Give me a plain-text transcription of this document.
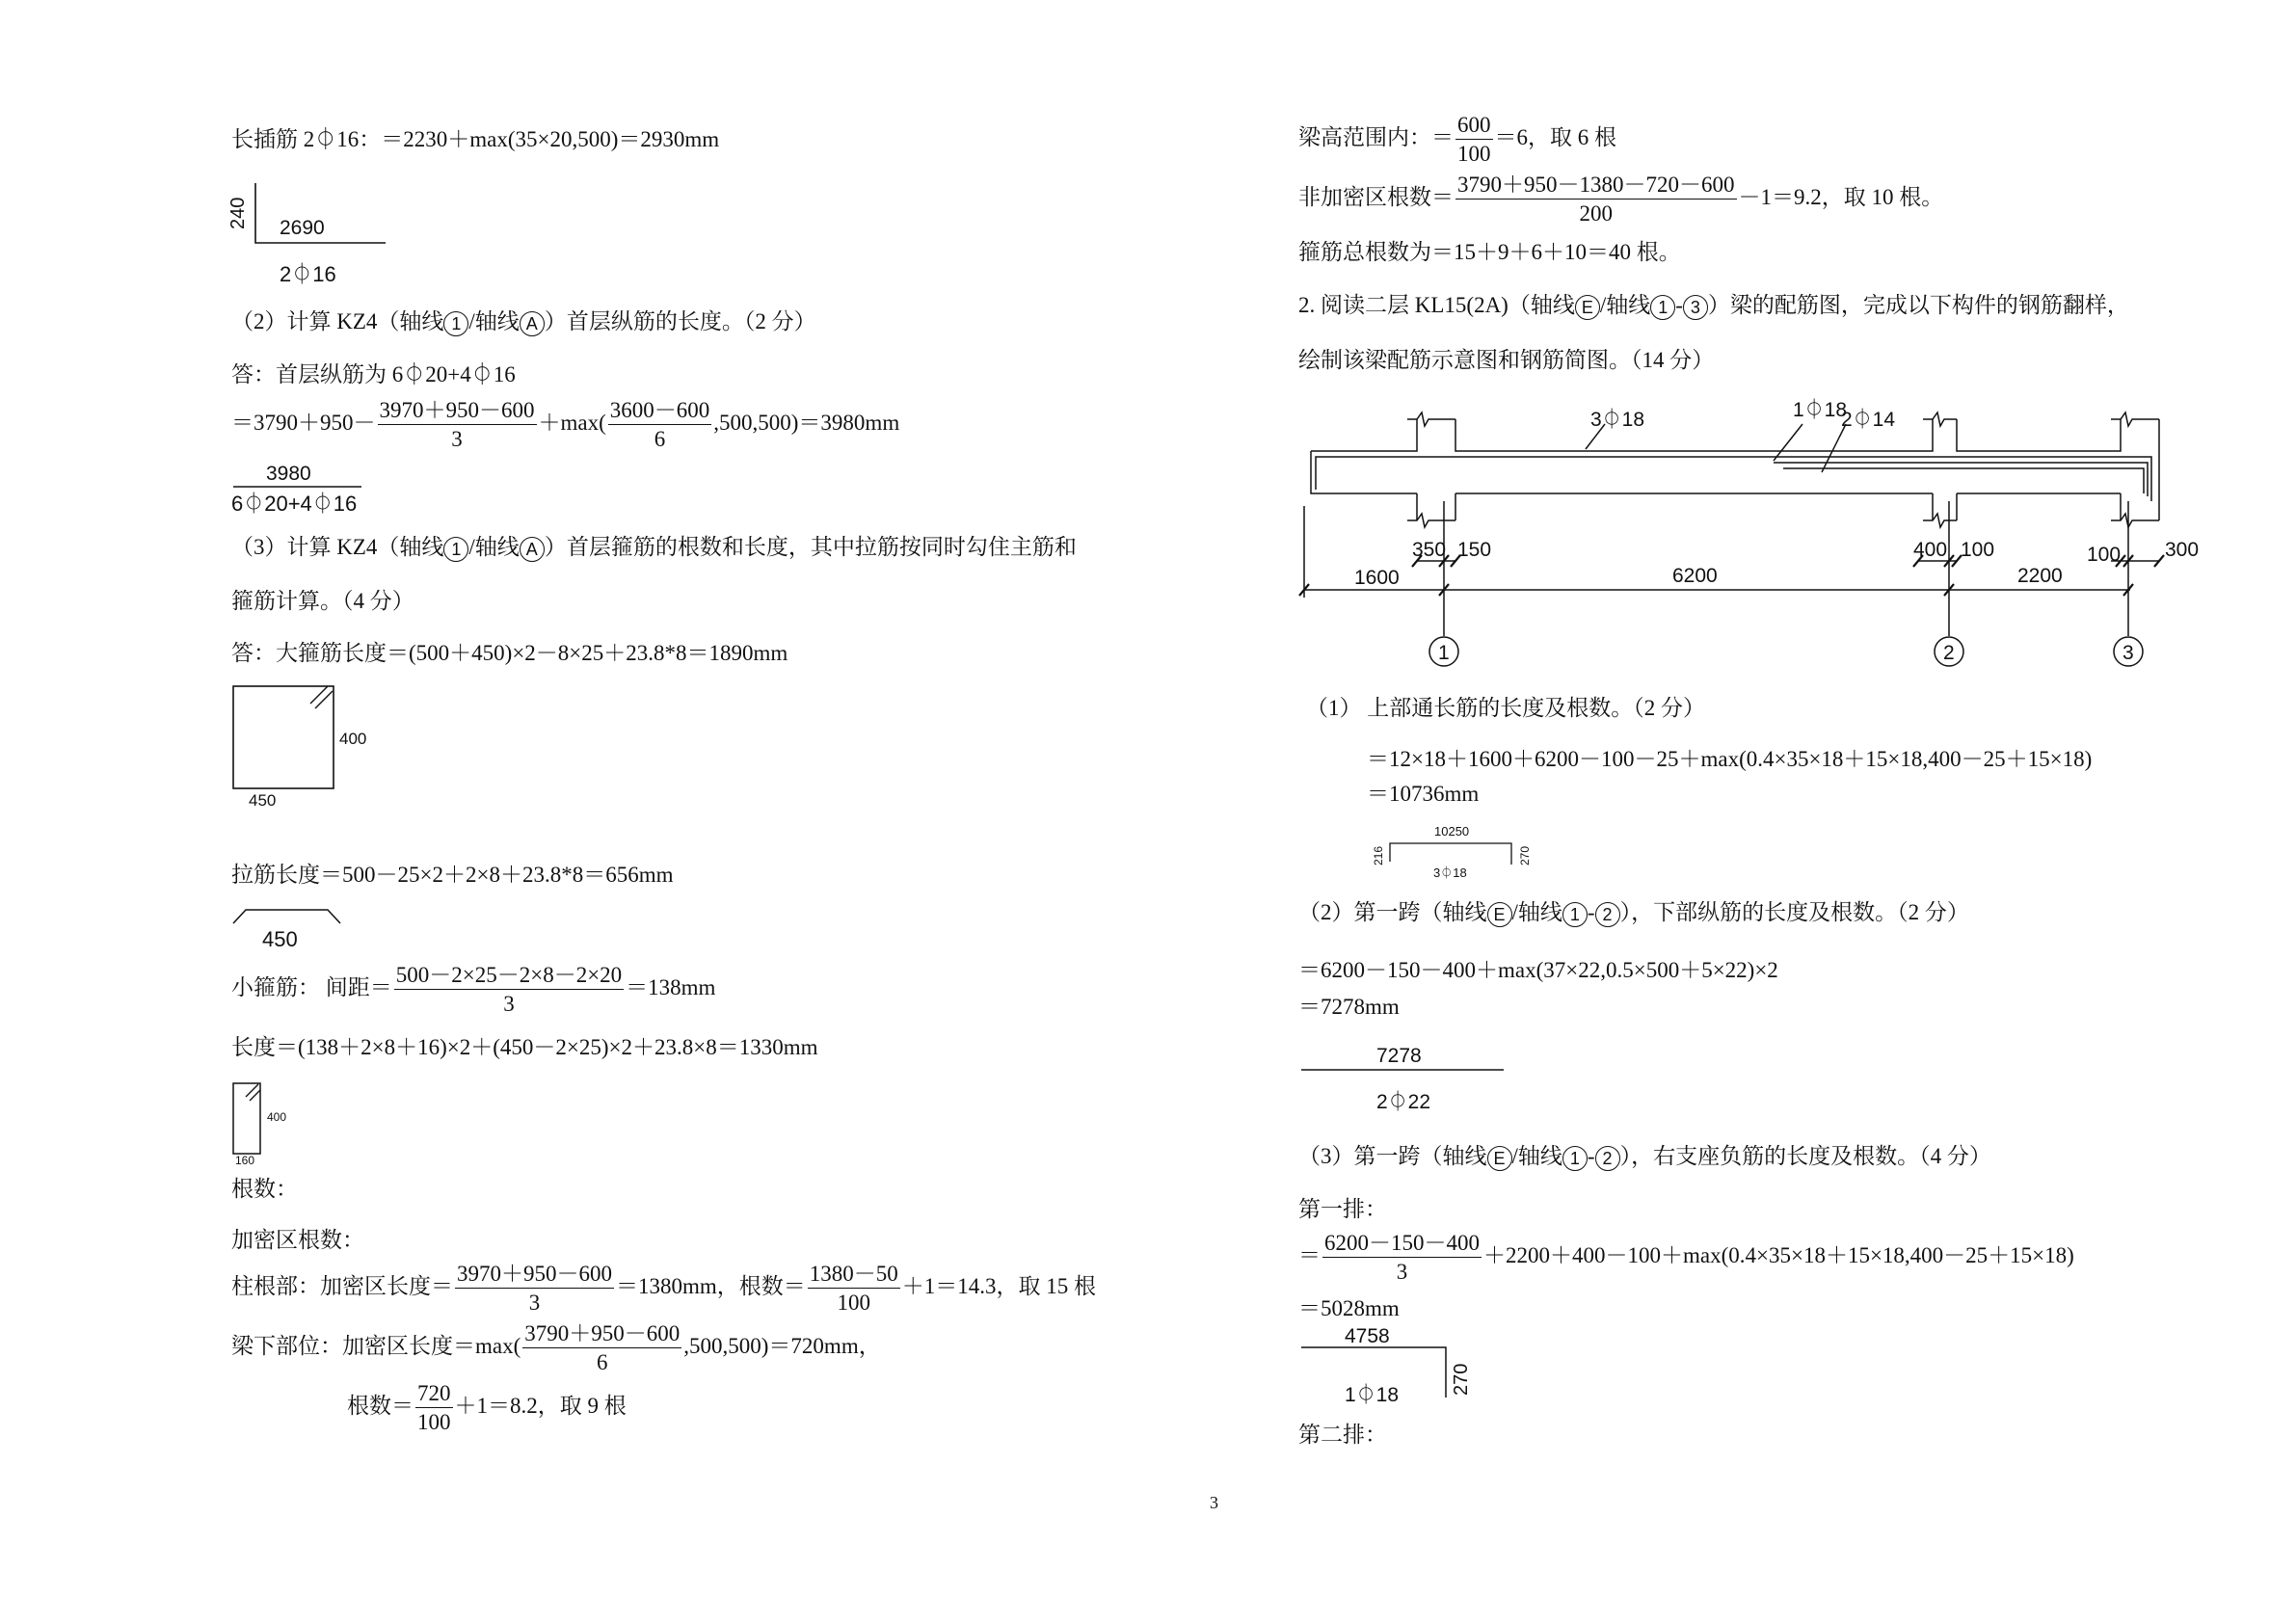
长插筋 2⏀16：＝2230＋max(35×20,500)＝2930mm
240 2690
2⏀16
（2）计算 KZ4（轴线 1 /轴线 A ）首层纵筋的长度。（2 分）
答：首层纵筋为 6⏀20+4⏀16
$=3790+950- \frac{3970+950-600}{3} +\max( \frac{3600-600}{6} ,500,500)=3980mm$
3980
6⏀20+4⏀16
（3）计算 KZ4（轴线 1 /轴线 A ）首层箍筋的根数和长度，其中拉筋按同时勾住主筋和
箍筋计算。（4 分）
答：大箍筋长度＝(500＋450)×2－8×25＋23.8*8＝1890mm
400
450
拉筋长度＝500－25×2＋2×8＋23.8*8＝656mm
450
小箍筋： 间距＝ $\frac{500-2\times 25-2\times 8-2\times 20}{3} =138mm$
长度＝(138＋2×8＋16)×2＋(450－2×25)×2＋23.8×8＝1330mm
400
160
根数：
加密区根数：
柱根部：加密区长度＝ $\frac{3970+950-600}{3} =1380mm$，根数＝ $\frac{1380-50}{100} +1=14.3$，取 15 根
梁下部位：加密区长度$=\max( \frac{3790+950-600}{6} ,500,500)=720mm$，
根数＝ $\frac{720}{100} +1=8.2$，取 9 根
梁高范围内：＝ $\frac{600}{100} =6$，取 6 根
非加密区根数＝ $\frac{3790+950-1380-720-600}{200} -1=9.2$，取 10 根。
箍筋总根数为＝15＋9＋6＋10＝40 根。
2. 阅读二层 KL15(2A)（轴线 E /轴线 1 - 3 ）梁的配筋图，完成以下构件的钢筋翻样，
绘制该梁配筋示意图和钢筋简图。（14 分）
3⏀18	1⏀18
2⏀14
350 150	400 100	100 300
1600	6200	2200
1	2	3
（1） 上部通长筋的长度及根数。（2 分）
＝12×18＋1600＋6200－100－25＋max(0.4×35×18＋15×18,400－25＋15×18)
＝10736mm
10250
216	270
3⏀18
（2）第一跨（轴线 E /轴线 1 - 2 ），下部纵筋的长度及根数。（2 分）
＝6200－150－400＋max(37×22,0.5×500＋5×22)×2
＝7278mm
7278
2⏀22
（3）第一跨（轴线 E /轴线 1 - 2 ），右支座负筋的长度及根数。（4 分）
第一排：
＝ $\frac{6200-150-400}{3} +2200+400-100+\max(0.4\times 35\times 18+15\times 18,400-25+15\times 18)$
＝5028mm
4758
270
1⏀18
第二排：
3
